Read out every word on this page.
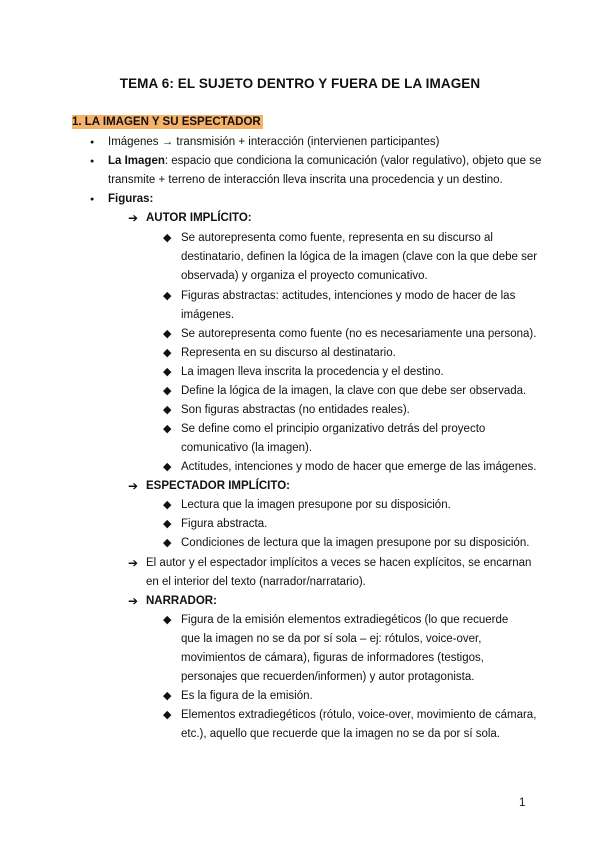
TEMA 6: EL SUJETO DENTRO Y FUERA DE LA IMAGEN
1. LA IMAGEN Y SU ESPECTADOR
●
Imágenes → transmisión + interacción (intervienen participantes)
●
La Imagen: espacio que condiciona la comunicación (valor regulativo), objeto que se
transmite + terreno de interacción lleva inscrita una procedencia y un destino.
●
Figuras:
➔ AUTOR IMPLÍCITO:
◆ Se autorepresenta como fuente, representa en su discurso al
destinatario, definen la lógica de la imagen (clave con la que debe ser
observada) y organiza el proyecto comunicativo.
◆ Figuras abstractas: actitudes, intenciones y modo de hacer de las
imágenes.
◆ Se autorepresenta como fuente (no es necesariamente una persona).
◆ Representa en su discurso al destinatario.
◆ La imagen lleva inscrita la procedencia y el destino.
◆ Define la lógica de la imagen, la clave con que debe ser observada.
◆ Son figuras abstractas (no entidades reales).
◆ Se define como el principio organizativo detrás del proyecto
comunicativo (la imagen).
◆ Actitudes, intenciones y modo de hacer que emerge de las imágenes.
➔ ESPECTADOR IMPLÍCITO:
◆ Lectura que la imagen presupone por su disposición.
◆ Figura abstracta.
◆ Condiciones de lectura que la imagen presupone por su disposición.
➔ El autor y el espectador implícitos a veces se hacen explícitos, se encarnan
en el interior del texto (narrador/narratario).
➔ NARRADOR:
◆ Figura de la emisión elementos extradiegéticos (lo que recuerde
que la imagen no se da por sí sola – ej: rótulos, voice-over,
movimientos de cámara), figuras de informadores (testigos,
personajes que recuerden/informen) y autor protagonista.
◆ Es la figura de la emisión.
◆ Elementos extradiegéticos (rótulo, voice-over, movimiento de cámara,
etc.), aquello que recuerde que la imagen no se da por sí sola.
1
